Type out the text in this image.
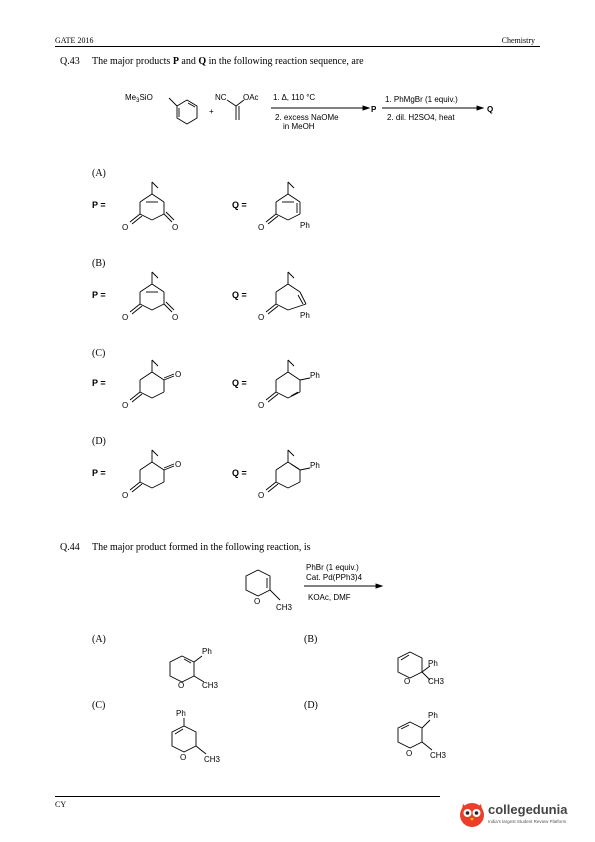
GATE 2016	Chemistry
Q.43 The major products P and Q in the following reaction sequence, are
$Me_3SiO$
+
NC OAc 1. Δ, 110 °C
2. excess NaOMe
in MeOH
P
1. PhMgBr (1 equiv.)
2. dil. H2SO4, heat
Q
(A)
P =
O	O
Q =
O	Ph
(B)
P =
O	O
Q =
O	Ph
(C)
P =
O
O
Q =
O
Ph
(D)
P =
O
O
Q =
O
Ph
Q.44 The major product formed in the following reaction, is
O
CH3
PhBr (1 equiv.)
Cat. Pd(PPh3)4
KOAc, DMF
(A)
O
Ph
CH3
(B)
O
Ph
CH3
(C)
Ph
O CH3
(D)
O
Ph
CH3
CY	collegedunia
India's largest Student Review Platform
